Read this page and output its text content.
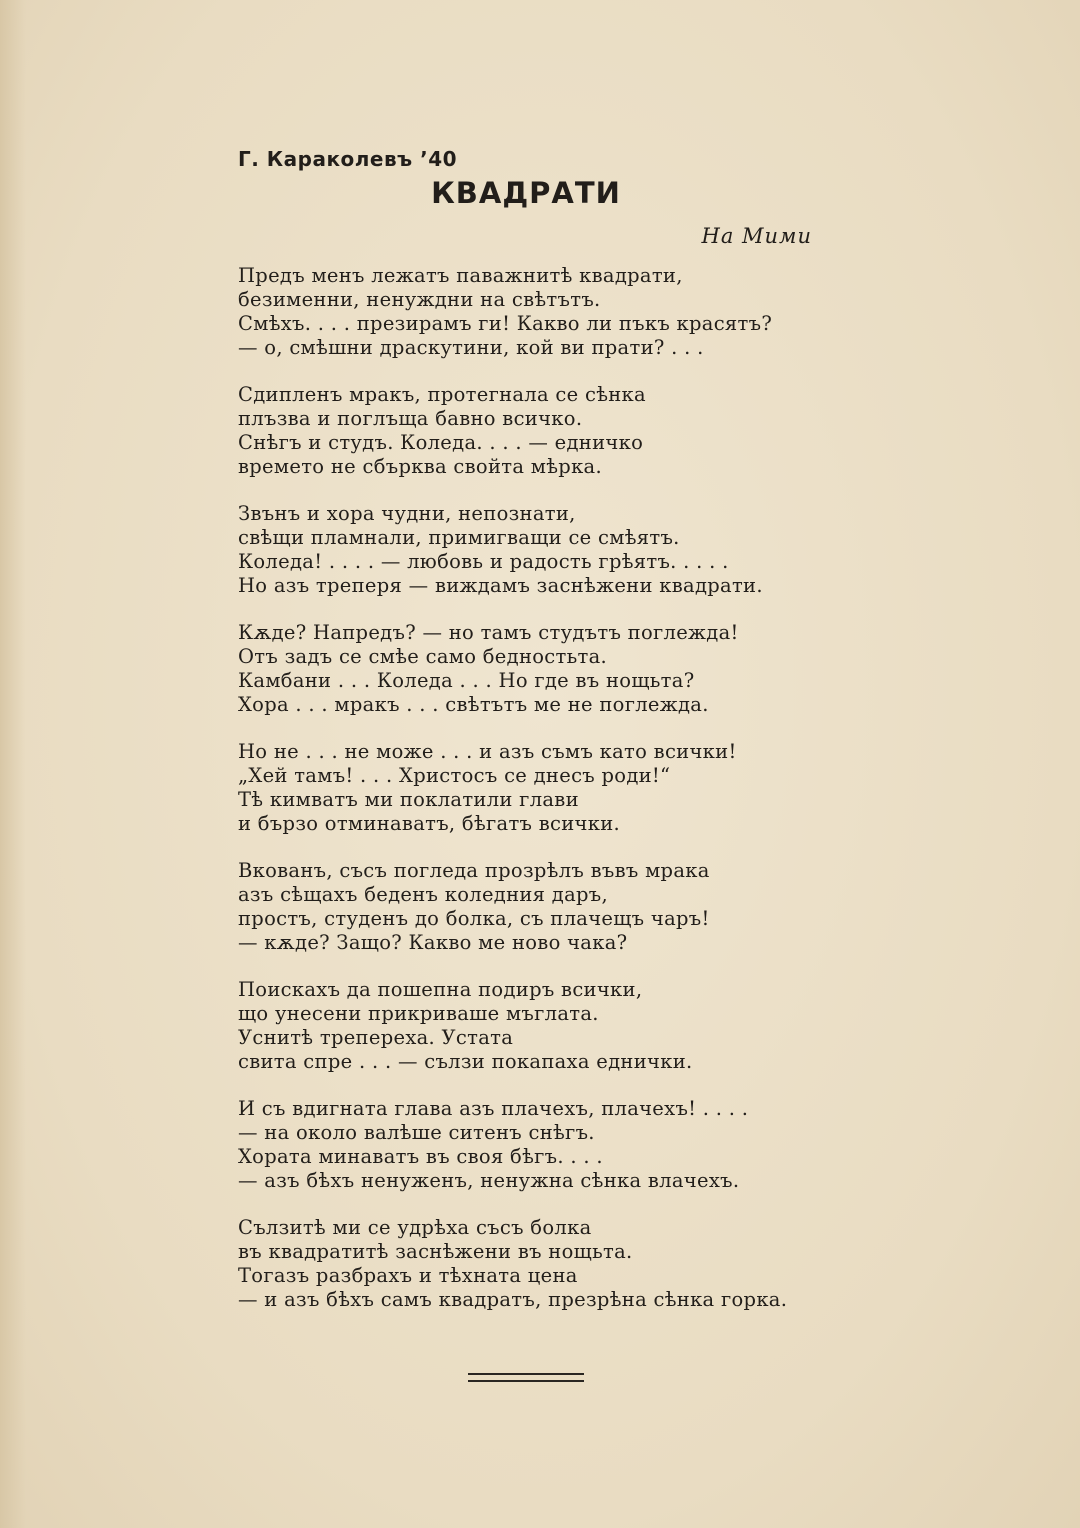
Г. Караколевъ ’40
КВАДРАТИ
На Мими
Предъ менъ лежатъ паважнитѣ квадрати,
безименни, ненуждни на свѣтътъ.
Смѣхъ. . . . презирамъ ги! Какво ли пъкъ красятъ?
— о, смѣшни драскутини, кой ви прати? . . .
Сдипленъ мракъ, протегнала се сѣнка
плъзва и поглъща бавно всичко.
Снѣгъ и студъ. Коледа. . . . — едничко
времето не сбърква свойта мѣрка.
Звънъ и хора чудни, непознати,
свѣщи пламнали, примигващи се смѣятъ.
Коледа! . . . . — любовь и радость грѣятъ. . . . .
Но азъ треперя — виждамъ заснѣжени квадрати.
Кѫде? Напредъ? — но тамъ студътъ поглежда!
Отъ задъ се смѣе само бедностьта.
Камбани . . . Коледа . . . Но где въ нощьта?
Хора . . . мракъ . . . свѣтътъ ме не поглежда.
Но не . . . не може . . . и азъ съмъ като всички!
„Хей тамъ! . . . Христосъ се днесъ роди!“
Тѣ кимватъ ми поклатили глави
и бързо отминаватъ, бѣгатъ всички.
Вкованъ, съсъ погледа прозрѣлъ въвъ мрака
азъ сѣщахъ беденъ коледния даръ,
простъ, студенъ до болка, съ плачещъ чаръ!
— кѫде? Защо? Какво ме ново чака?
Поискахъ да пошепна подиръ всички,
що унесени прикриваше мъглата.
Уснитѣ трепереха. Устата
свита спре . . . — сълзи покапаха еднички.
И съ вдигната глава азъ плачехъ, плачехъ! . . . .
— на около валѣше ситенъ снѣгъ.
Хората минаватъ въ своя бѣгъ. . . .
— азъ бѣхъ ненуженъ, ненужна сѣнка влачехъ.
Сълзитѣ ми се удрѣха съсъ болка
въ квадратитѣ заснѣжени въ нощьта.
Тогазъ разбрахъ и тѣхната цена
— и азъ бѣхъ самъ квадратъ, презрѣна сѣнка горка.
